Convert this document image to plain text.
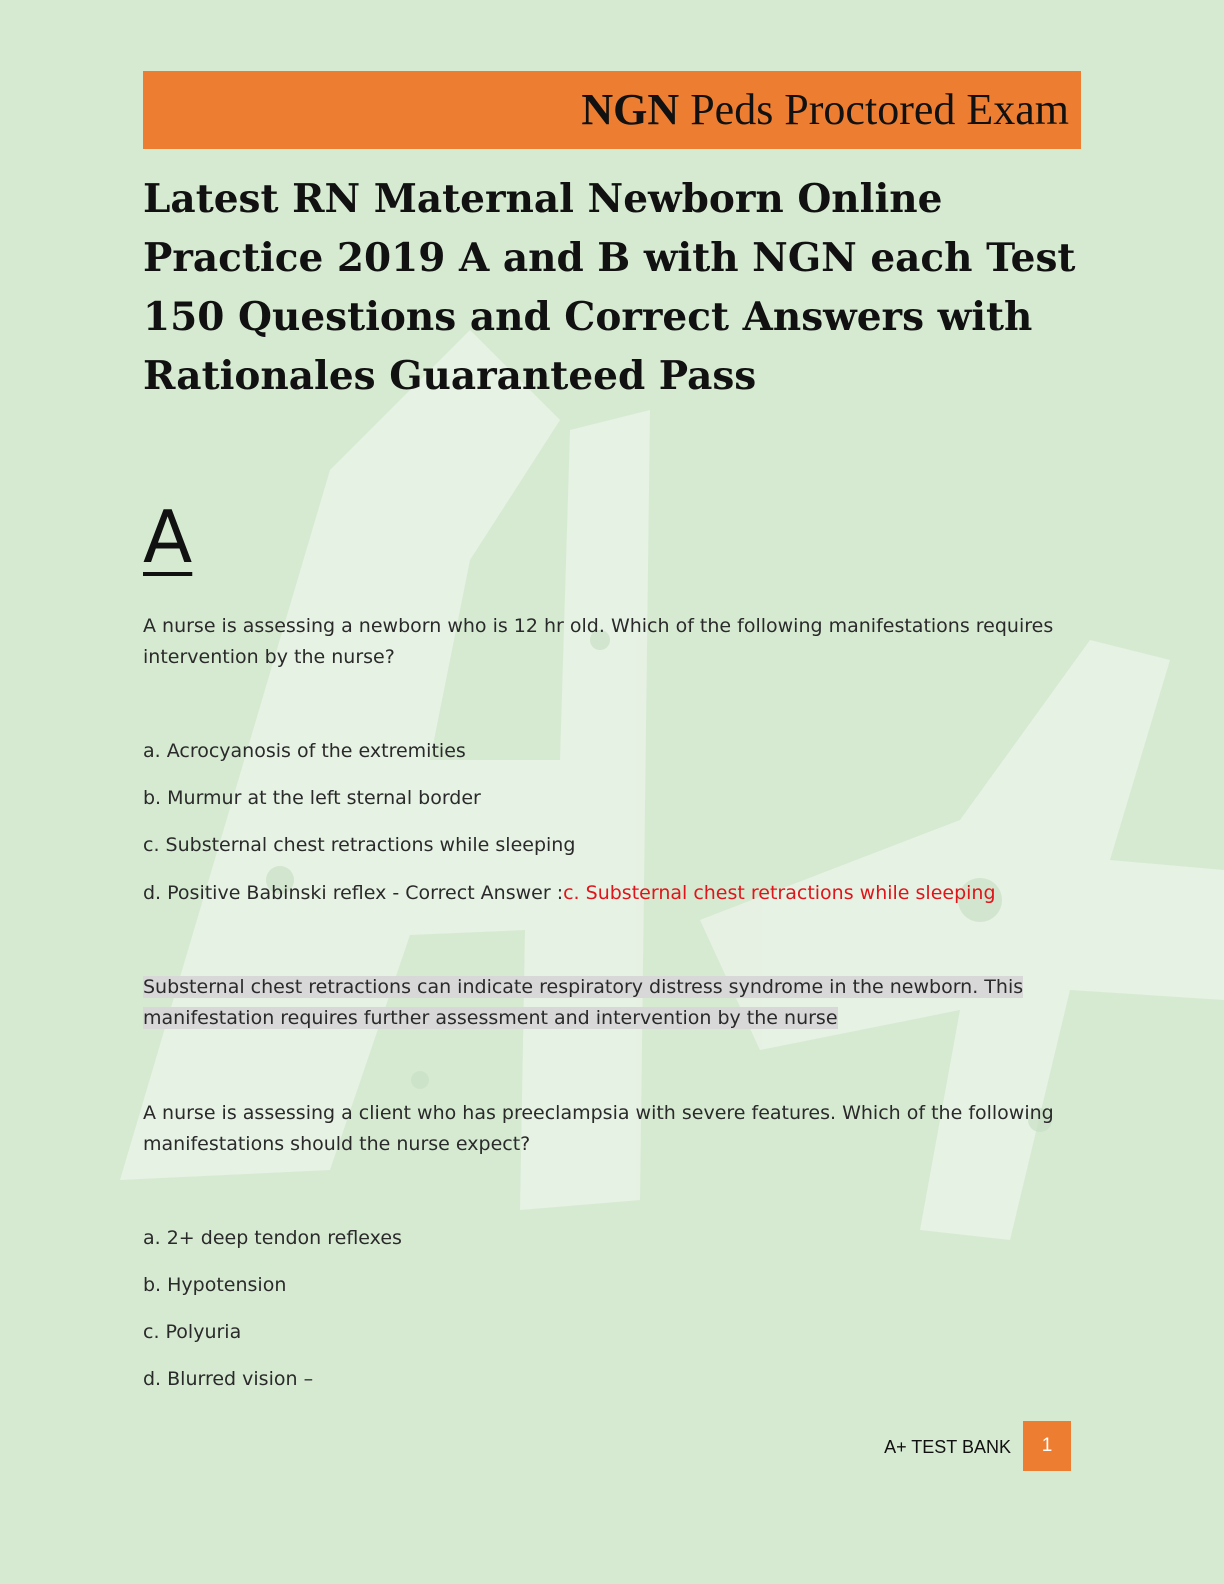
NGN Peds Proctored Exam
Latest RN Maternal Newborn Online Practice 2019 A and B with NGN each Test 150 Questions and Correct Answers with Rationales Guaranteed Pass
A
A nurse is assessing a newborn who is 12 hr old. Which of the following manifestations requires intervention by the nurse?
a. Acrocyanosis of the extremities
b. Murmur at the left sternal border
c. Substernal chest retractions while sleeping
d. Positive Babinski reflex - Correct Answer :c. Substernal chest retractions while sleeping
Substernal chest retractions can indicate respiratory distress syndrome in the newborn. This manifestation requires further assessment and intervention by the nurse
A nurse is assessing a client who has preeclampsia with severe features. Which of the following manifestations should the nurse expect?
a. 2+ deep tendon reflexes
b. Hypotension
c. Polyuria
d. Blurred vision –
A+ TEST BANK	1
